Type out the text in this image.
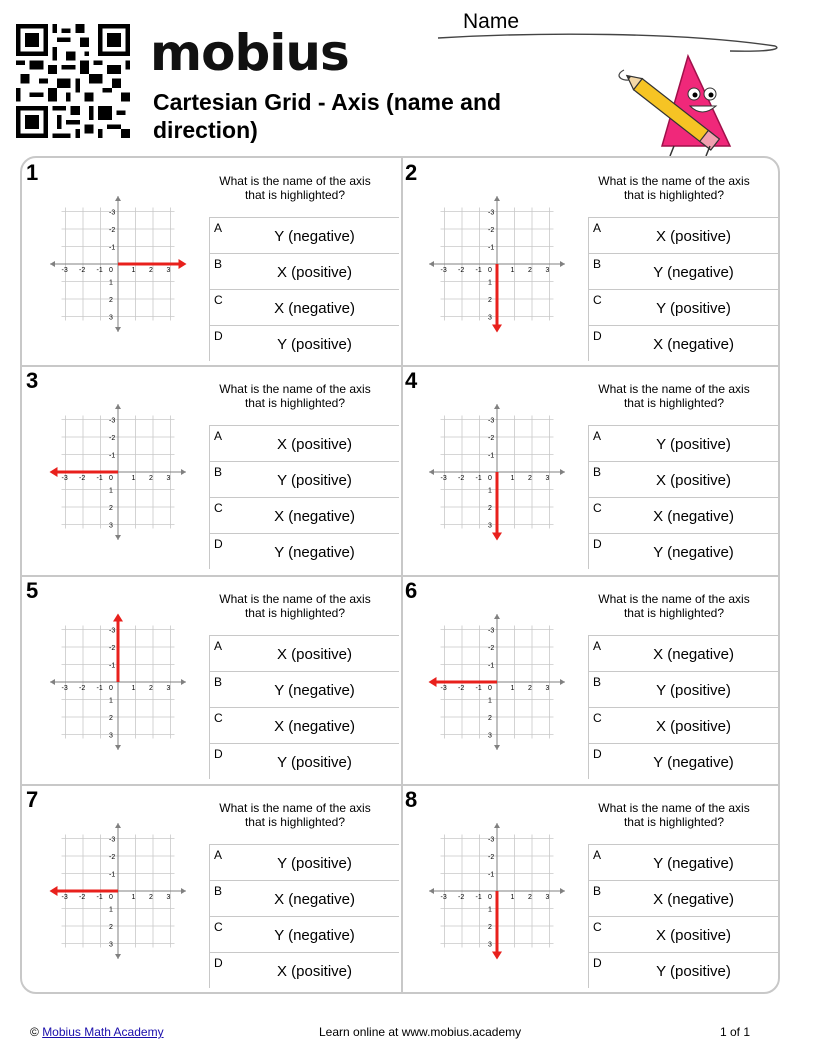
mobius
Cartesian Grid - Axis (name and direction)
Name
1	What is the name of the axis that is highlighted?
-3
3
-2
2
-1
1
0	1
-1
2
-2
3
-3
A	Y (negative)
B	X (positive)
C	X (negative)
D	Y (positive)
2	What is the name of the axis that is highlighted?
-3
3
-2
2
-1
1
0	1
-1
2
-2
3
-3
A	X (positive)
B	Y (negative)
C	Y (positive)
D	X (negative)
3	What is the name of the axis that is highlighted?
-3
3
-2
2
-1
1
0	1
-1
2
-2
3
-3
A	X (positive)
B	Y (positive)
C	X (negative)
D	Y (negative)
4	What is the name of the axis that is highlighted?
-3
3
-2
2
-1
1
0	1
-1
2
-2
3
-3
A	Y (positive)
B	X (positive)
C	X (negative)
D	Y (negative)
5	What is the name of the axis that is highlighted?
-3
3
-2
2
-1
1
0	1
-1
2
-2
3
-3
A	X (positive)
B	Y (negative)
C	X (negative)
D	Y (positive)
6	What is the name of the axis that is highlighted?
-3
3
-2
2
-1
1
0	1
-1
2
-2
3
-3
A	X (negative)
B	Y (positive)
C	X (positive)
D	Y (negative)
7	What is the name of the axis that is highlighted?
-3
3
-2
2
-1
1
0	1
-1
2
-2
3
-3
A	Y (positive)
B	X (negative)
C	Y (negative)
D	X (positive)
8	What is the name of the axis that is highlighted?
-3
3
-2
2
-1
1
0	1
-1
2
-2
3
-3
A	Y (negative)
B	X (negative)
C	X (positive)
D	Y (positive)
© Mobius Math Academy	Learn online at www.mobius.academy	1 of 1
